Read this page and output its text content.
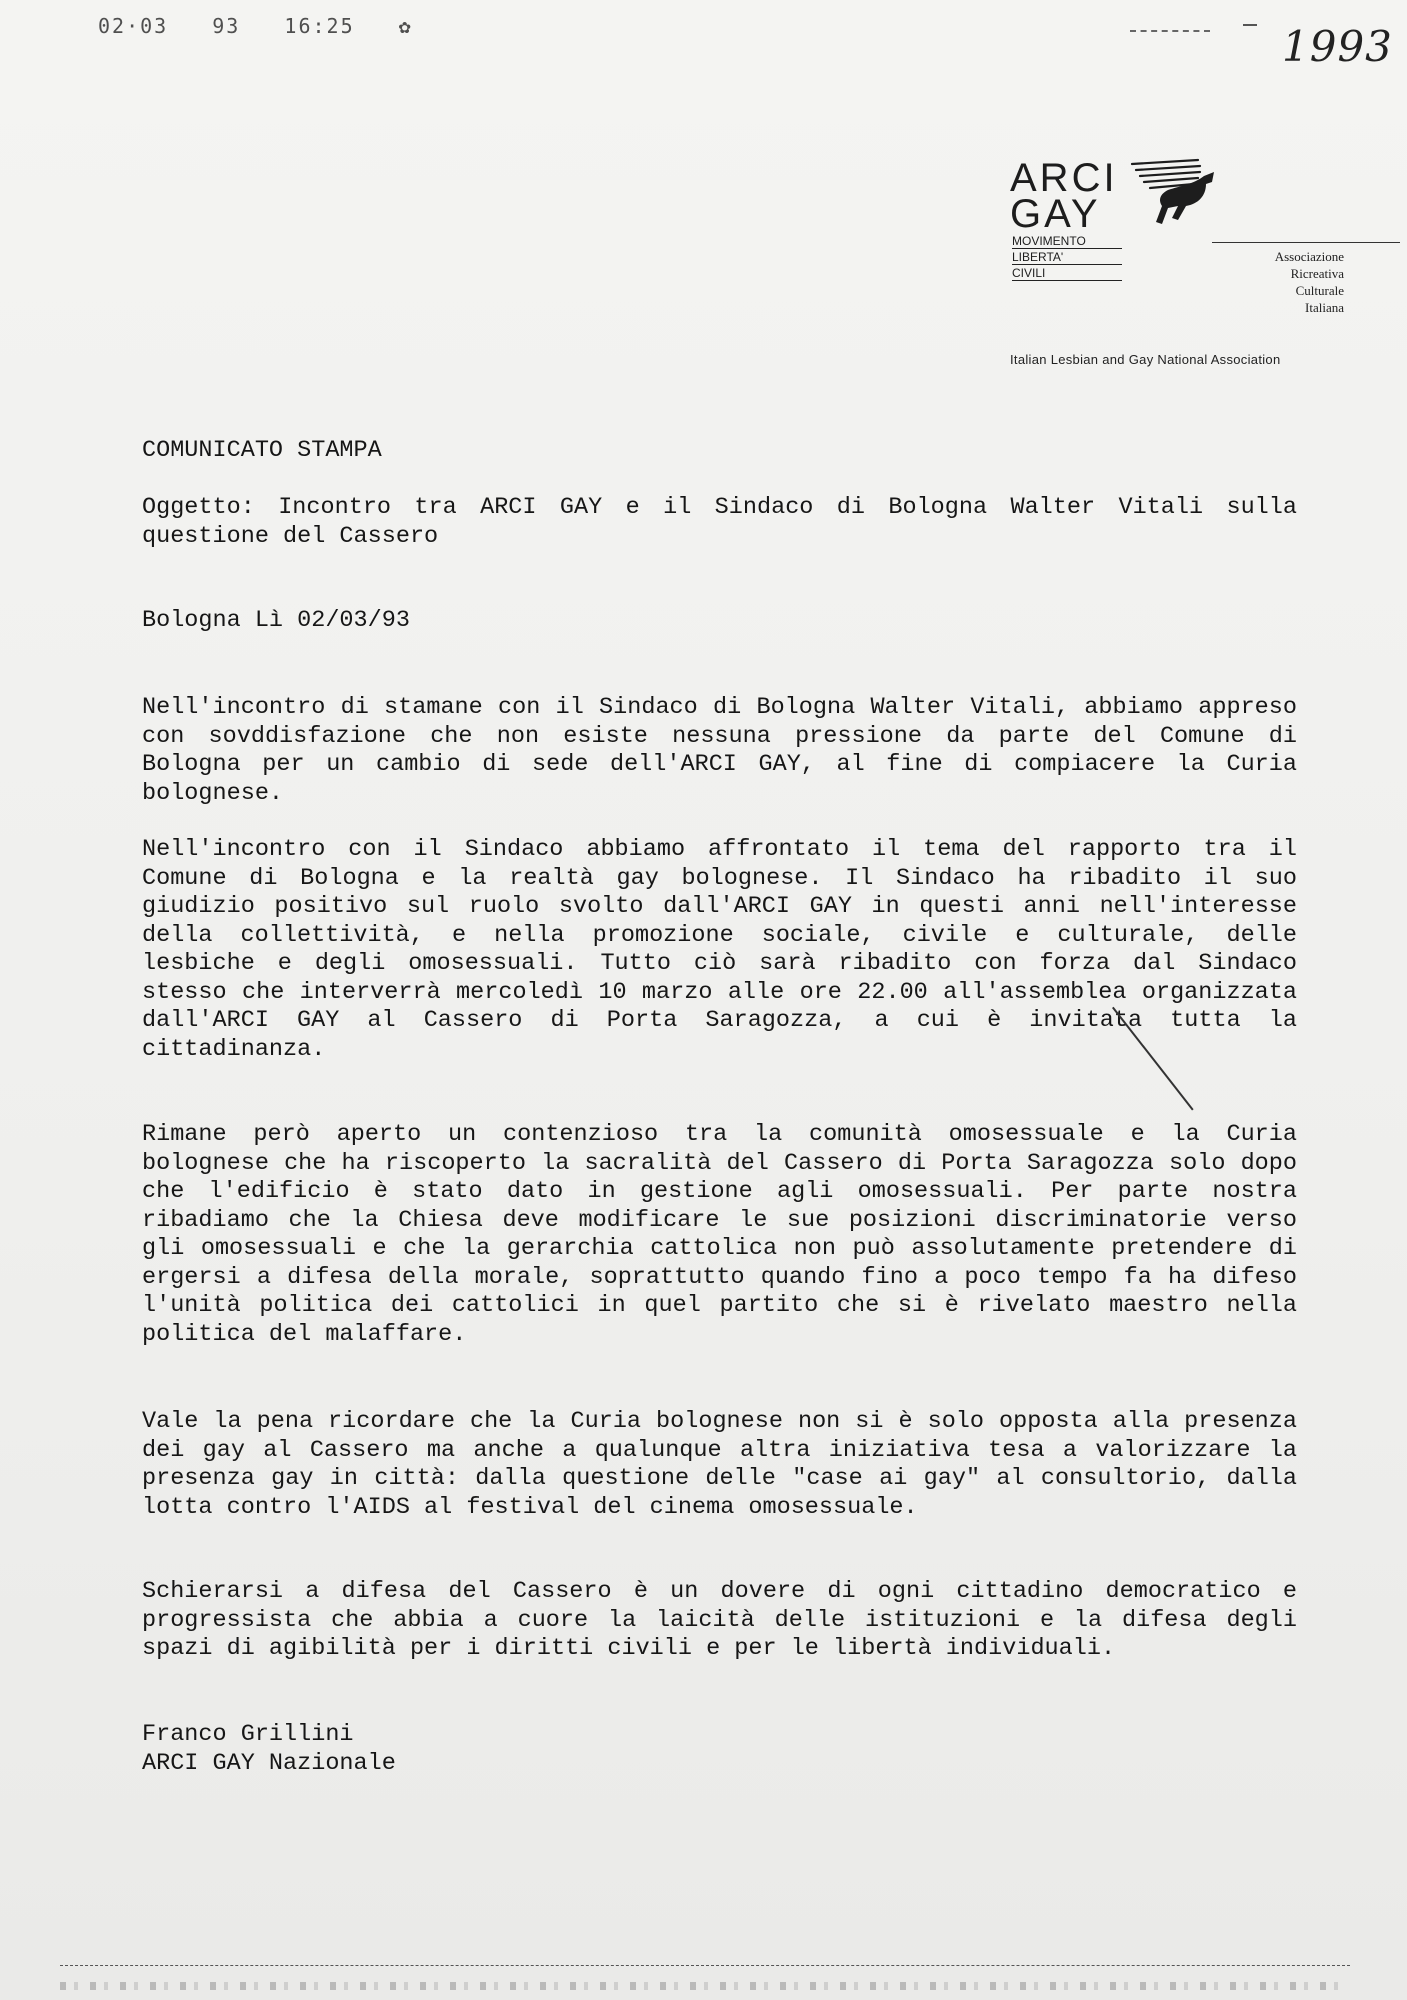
02·03 93 16:25 ✿	1993
ARCI
GAY
MOVIMENTO
LIBERTA'
CIVILI
Associazione
Ricreativa
Culturale
Italiana
Italian Lesbian and Gay National Association
COMUNICATO STAMPA
Oggetto: Incontro tra ARCI GAY e il Sindaco di Bologna Walter Vitali sulla questione del Cassero
Bologna Lì 02/03/93
Nell'incontro di stamane con il Sindaco di Bologna Walter Vitali, abbiamo appreso con sovddisfazione che non esiste nessuna pressione da parte del Comune di Bologna per un cambio di sede dell'ARCI GAY, al fine di compiacere la Curia bolognese.
Nell'incontro con il Sindaco abbiamo affrontato il tema del rapporto tra il Comune di Bologna e la realtà gay bolognese. Il Sindaco ha ribadito il suo giudizio positivo sul ruolo svolto dall'ARCI GAY in questi anni nell'interesse della collettività, e nella promozione sociale, civile e culturale, delle lesbiche e degli omosessuali. Tutto ciò sarà ribadito con forza dal Sindaco stesso che interverrà mercoledì 10 marzo alle ore 22.00 all'assemblea organizzata dall'ARCI GAY al Cassero di Porta Saragozza, a cui è invitata tutta la cittadinanza.
Rimane però aperto un contenzioso tra la comunità omosessuale e la Curia bolognese che ha riscoperto la sacralità del Cassero di Porta Saragozza solo dopo che l'edificio è stato dato in gestione agli omosessuali. Per parte nostra ribadiamo che la Chiesa deve modificare le sue posizioni discriminatorie verso gli omosessuali e che la gerarchia cattolica non può assolutamente pretendere di ergersi a difesa della morale, soprattutto quando fino a poco tempo fa ha difeso l'unità politica dei cattolici in quel partito che si è rivelato maestro nella politica del malaffare.
Vale la pena ricordare che la Curia bolognese non si è solo opposta alla presenza dei gay al Cassero ma anche a qualunque altra iniziativa tesa a valorizzare la presenza gay in città: dalla questione delle "case ai gay" al consultorio, dalla lotta contro l'AIDS al festival del cinema omosessuale.
Schierarsi a difesa del Cassero è un dovere di ogni cittadino democratico e progressista che abbia a cuore la laicità delle istituzioni e la difesa degli spazi di agibilità per i diritti civili e per le libertà individuali.
Franco Grillini
ARCI GAY Nazionale
